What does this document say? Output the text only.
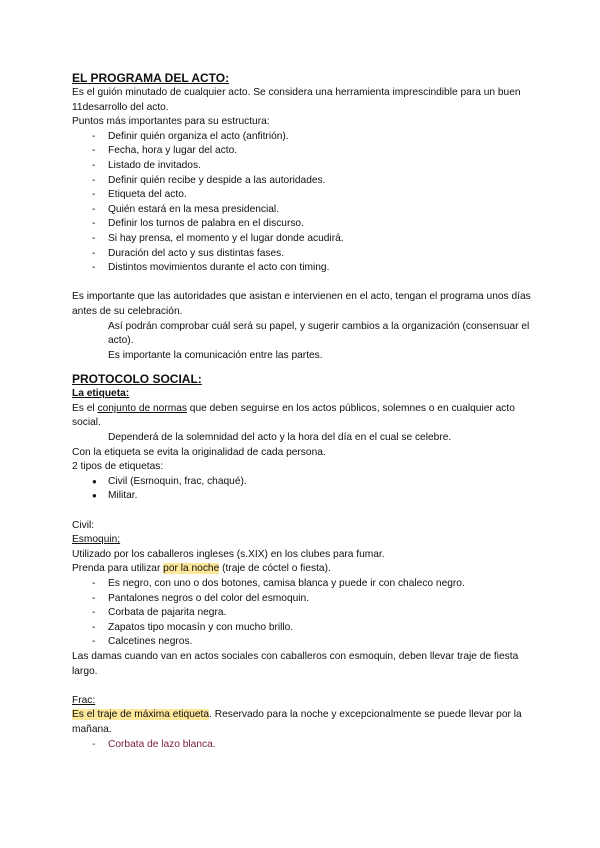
EL PROGRAMA DEL ACTO:
Es el guión minutado de cualquier acto. Se considera una herramienta imprescindible para un buen 11desarrollo del acto.
Puntos más importantes para su estructura:
- Definir quién organiza el acto (anfitrión).
- Fecha, hora y lugar del acto.
- Listado de invitados.
- Definir quién recibe y despide a las autoridades.
- Etiqueta del acto.
- Quién estará en la mesa presidencial.
- Definir los turnos de palabra en el discurso.
- Si hay prensa, el momento y el lugar donde acudirá.
- Duración del acto y sus distintas fases.
- Distintos movimientos durante el acto con timing.
Es importante que las autoridades que asistan e intervienen en el acto, tengan el programa unos días antes de su celebración.
Así podrán comprobar cuál será su papel, y sugerir cambios a la organización (consensuar el acto).
Es importante la comunicación entre las partes.
PROTOCOLO SOCIAL:
La etiqueta:
Es el conjunto de normas que deben seguirse en los actos públicos, solemnes o en cualquier acto social.
Dependerá de la solemnidad del acto y la hora del día en el cual se celebre.
Con la etiqueta se evita la originalidad de cada persona.
2 tipos de etiquetas:
● Civil (Esmoquin, frac, chaqué).
● Militar.
Civil:
Esmoquin;
Utilizado por los caballeros ingleses (s.XIX) en los clubes para fumar.
Prenda para utilizar por la noche (traje de cóctel o fiesta).
- Es negro, con uno o dos botones, camisa blanca y puede ir con chaleco negro.
- Pantalones negros o del color del esmoquin.
- Corbata de pajarita negra.
- Zapatos tipo mocasín y con mucho brillo.
- Calcetines negros.
Las damas cuando van en actos sociales con caballeros con esmoquin, deben llevar traje de fiesta largo.
Frac:
Es el traje de máxima etiqueta. Reservado para la noche y excepcionalmente se puede llevar por la mañana.
- Corbata de lazo blanca.
